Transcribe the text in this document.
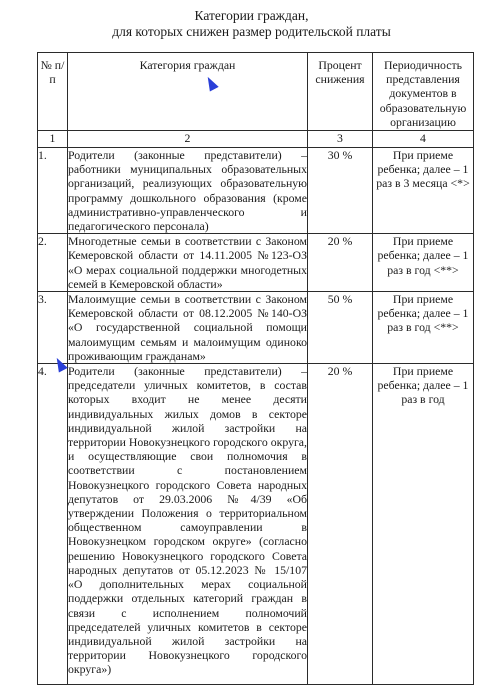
Категории граждан,
для которых снижен размер родительской платы
№ п/п	Категория граждан	Процент снижения	Периодичность представления документов в образовательную организацию
1	2	3	4
1.	Родители (законные представители) – работники муниципальных образовательных организаций, реализующих образовательную программу дошкольного образования (кроме административно-управленческого и педагогического персонала)	30 %	При приеме ребенка; далее – 1 раз в 3 месяца <*>
2.	Многодетные семьи в соответствии с Законом Кемеровской области от 14.11.2005 №123-ОЗ «О мерах социальной поддержки многодетных семей в Кемеровской области»	20 %	При приеме ребенка; далее – 1 раз в год <**>
3.	Малоимущие семьи в соответствии с Законом Кемеровской области от 08.12.2005 №140-ОЗ «О государственной социальной помощи малоимущим семьям и малоимущим одиноко проживающим гражданам»	50 %	При приеме ребенка; далее – 1 раз в год <**>
4.	Родители (законные представители) – председатели уличных комитетов, в состав которых входит не менее десяти индивидуальных жилых домов в секторе индивидуальной жилой застройки на территории Новокузнецкого городского округа, и осуществляющие свои полномочия в соответствии с постановлением Новокузнецкого городского Совета народных депутатов от 29.03.2006 №4/39 «Об утверждении Положения о территориальном общественном самоуправлении в Новокузнецком городском округе» (согласно решению Новокузнецкого городского Совета народных депутатов от 05.12.2023 № 15/107 «О дополнительных мерах социальной поддержки отдельных категорий граждан в связи с исполнением полномочий председателей уличных комитетов в секторе индивидуальной жилой застройки на территории Новокузнецкого городского округа»)	20 %	При приеме ребенка; далее – 1 раз в год
